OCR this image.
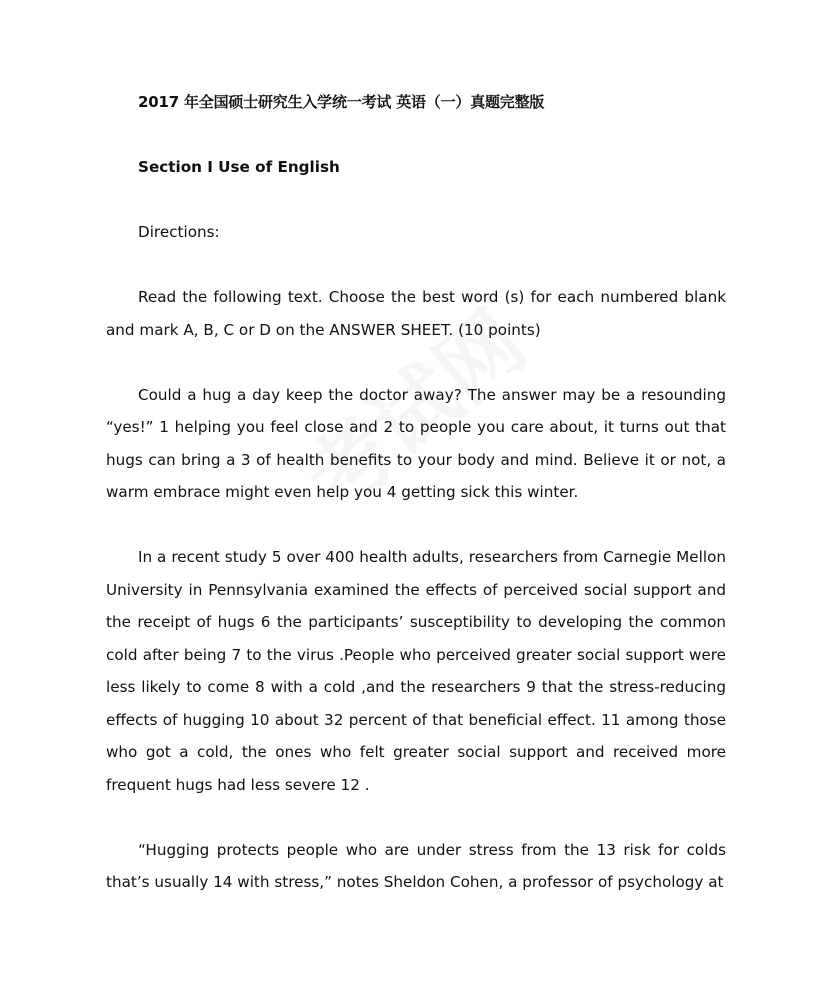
2017 年全国硕士研究生入学统一考试 英语（一）真题完整版

Section I Use of English

Directions:

Read the following text. Choose the best word (s) for each numbered blank and mark A, B, C or D on the ANSWER SHEET. (10 points)

Could a hug a day keep the doctor away? The answer may be a resounding “yes!” 1 helping you feel close and 2 to people you care about, it turns out that hugs can bring a 3 of health benefits to your body and mind. Believe it or not, a warm embrace might even help you 4 getting sick this winter.

In a recent study 5 over 400 health adults, researchers from Carnegie Mellon University in Pennsylvania examined the effects of perceived social support and the receipt of hugs 6 the participants’ susceptibility to developing the common cold after being 7 to the virus .People who perceived greater social support were less likely to come 8 with a cold ,and the researchers 9 that the stress-reducing effects of hugging 10 about 32 percent of that beneficial effect. 11 among those who got a cold, the ones who felt greater social support and received more frequent hugs had less severe 12 .

“Hugging protects people who are under stress from the 13 risk for colds that’s usually 14 with stress,” notes Sheldon Cohen, a professor of psychology at
